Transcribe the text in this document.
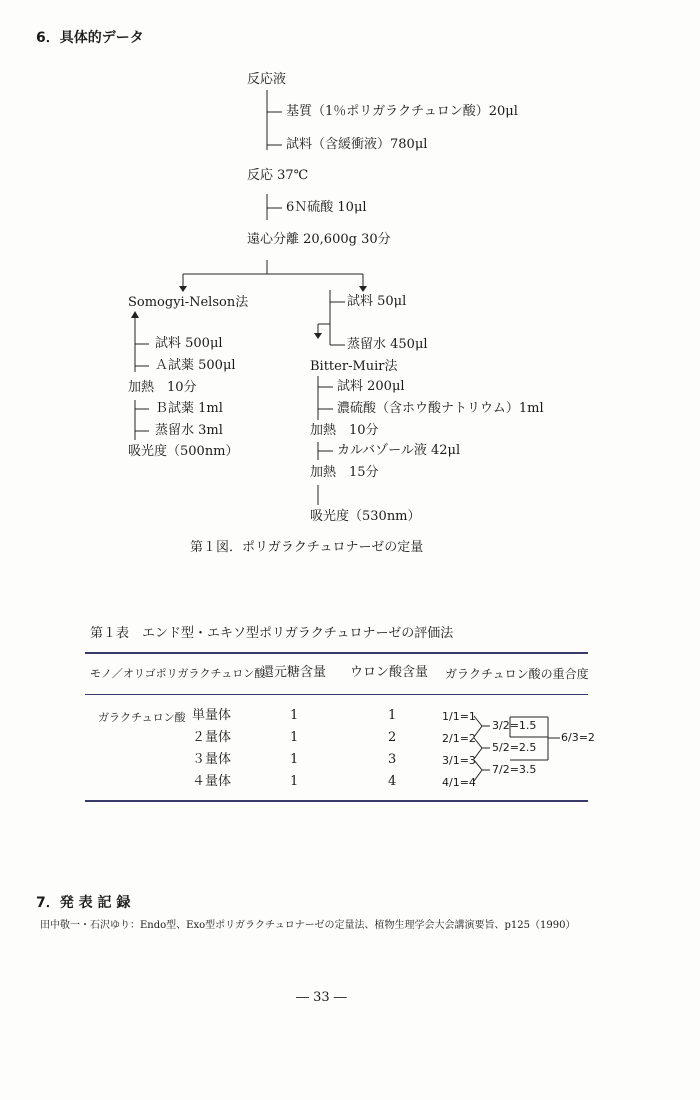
6．具体的データ
反応液
基質（1％ポリガラクチュロン酸）20μl
試料（含緩衝液）780μl
反応 37℃
6Ｎ硫酸 10μl
遠心分離 20,600g 30分
Somogyi-Nelson法
試料 500μl
Ａ試薬 500μl
加熱　10分
Ｂ試薬 1ml
蒸留水 3ml
吸光度（500nm）
試料 50μl
蒸留水 450μl
Bitter-Muir法
試料 200μl
濃硫酸（含ホウ酸ナトリウム）1ml
加熱　10分
カルバゾール液 42μl
加熱　15分
吸光度（530nm）
第１図．ポリガラクチュロナーゼの定量
第１表　エンド型・エキソ型ポリガラクチュロナーゼの評価法
モノ／オリゴポリガラクチュロン酸
還元糖含量 ウロン酸含量 ガラクチュロン酸の重合度
ガラクチュロン酸 単量体	1	1	1/1=1
２量体	1	2	2/1=2
３量体	1	3	3/1=3
４量体	1	4	4/1=4
3/2=1.5
5/2=2.5
7/2=3.5
6/3=2
7．発 表 記 録
田中敬一・石沢ゆり：Endo型、Exo型ポリガラクチュロナーゼの定量法、植物生理学会大会講演要旨、p125（1990）
― 33 ―
